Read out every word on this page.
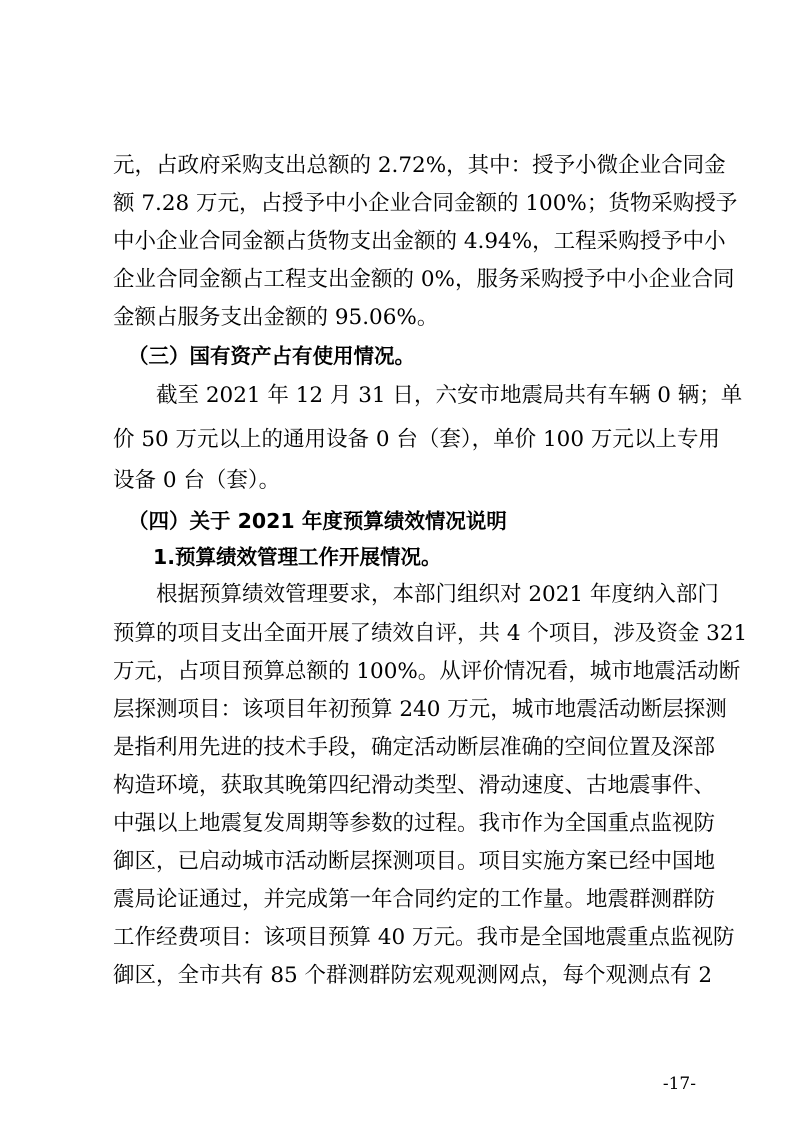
元，占政府采购支出总额的 2.72%，其中：授予小微企业合同金
额 7.28 万元，占授予中小企业合同金额的 100%；货物采购授予
中小企业合同金额占货物支出金额的 4.94%，工程采购授予中小
企业合同金额占工程支出金额的 0%，服务采购授予中小企业合同
金额占服务支出金额的 95.06%。
（三）国有资产占有使用情况。
截至 2021 年 12 月 31 日，六安市地震局共有车辆 0 辆；单
价 50 万元以上的通用设备 0 台（套），单价 100 万元以上专用
设备 0 台（套）。
（四）关于 2021 年度预算绩效情况说明
1.预算绩效管理工作开展情况。
根据预算绩效管理要求，本部门组织对 2021 年度纳入部门
预算的项目支出全面开展了绩效自评，共 4 个项目，涉及资金 321
万元，占项目预算总额的 100%。从评价情况看，城市地震活动断
层探测项目：该项目年初预算 240 万元，城市地震活动断层探测
是指利用先进的技术手段，确定活动断层准确的空间位置及深部
构造环境，获取其晚第四纪滑动类型、滑动速度、古地震事件、
中强以上地震复发周期等参数的过程。我市作为全国重点监视防
御区，已启动城市活动断层探测项目。项目实施方案已经中国地
震局论证通过，并完成第一年合同约定的工作量。地震群测群防
工作经费项目：该项目预算 40 万元。我市是全国地震重点监视防
御区，全市共有 85 个群测群防宏观观测网点，每个观测点有 2
-17-
